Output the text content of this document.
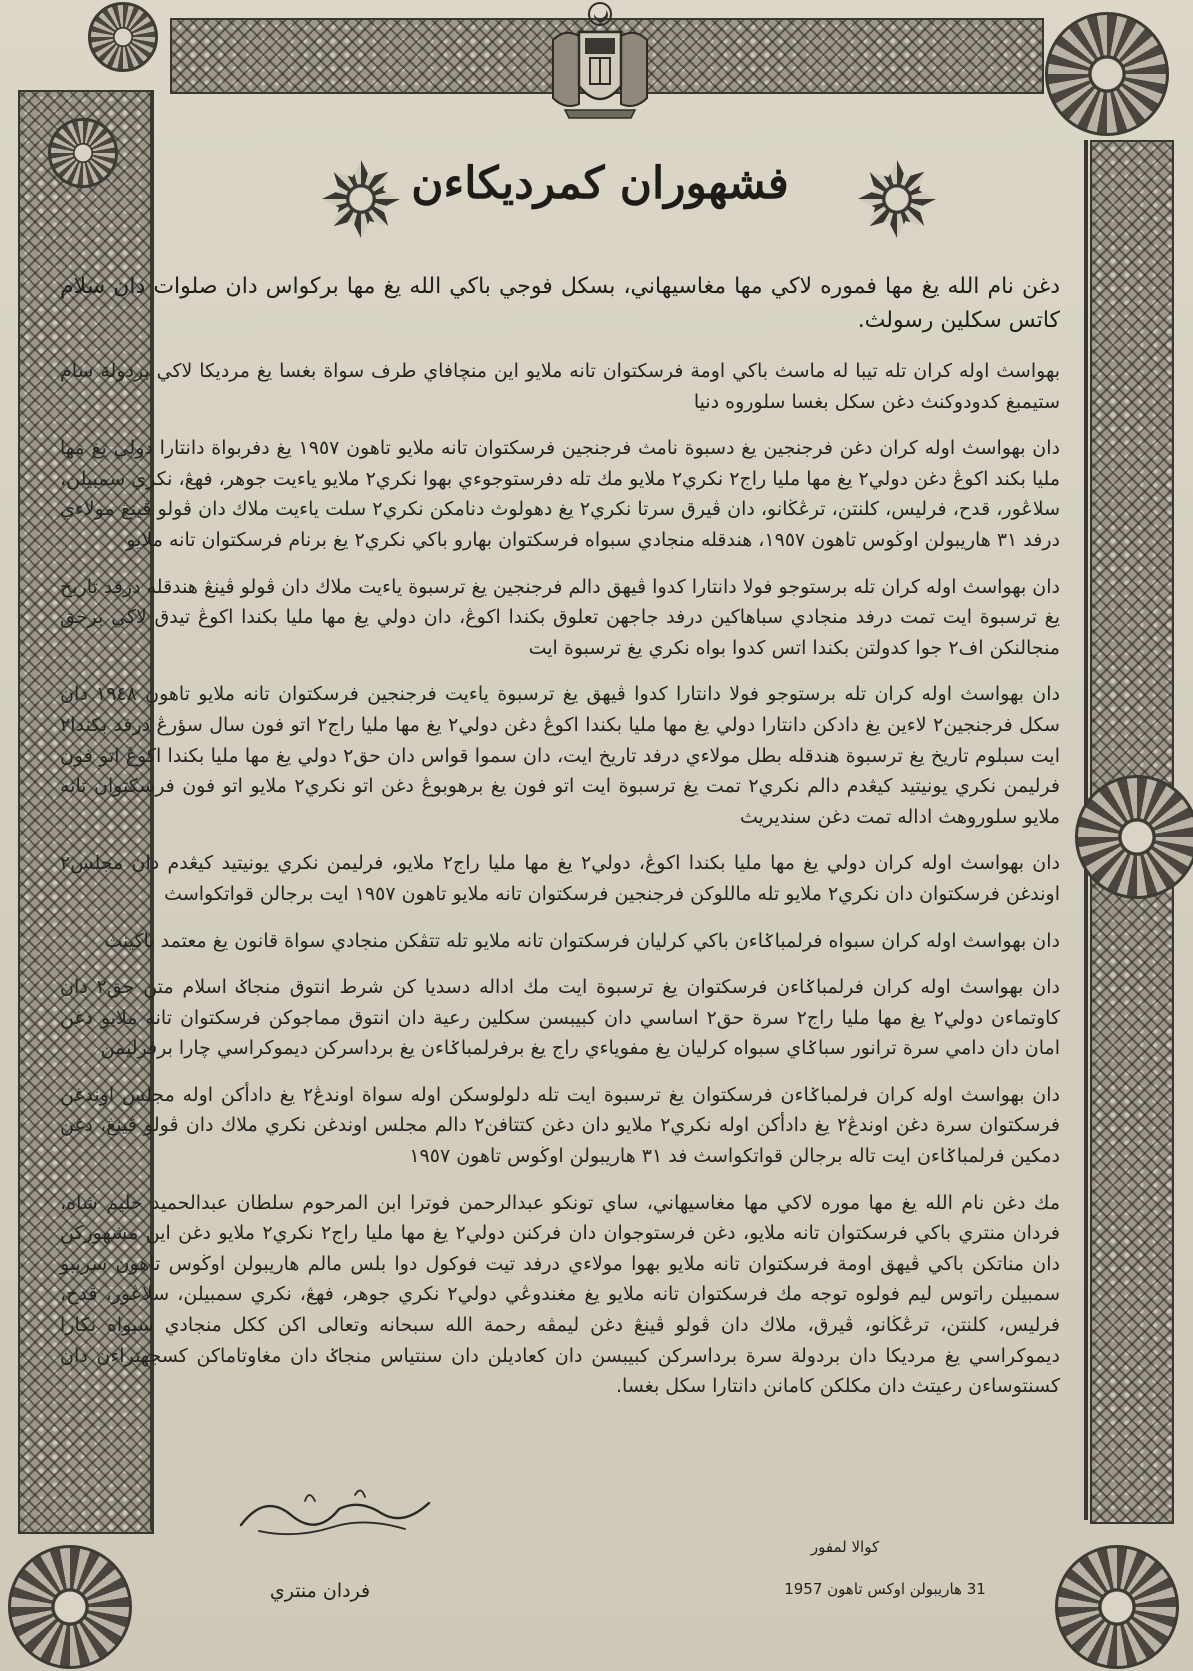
فشهوران كمرديكاءن

دغن نام الله يغ مها فموره لاكي مها مغاسيهاني، بسكل فوجي باكي الله يغ مها بركواس دان صلوات دان سلام كاتس سكلين رسولث.

بهواسث اوله كران تله تيبا له ماسث باكي اومة فرسكتوان تانه ملايو اين منچافاي طرف سواة بغسا يغ مرديكا لاكي بردولة سام ستيمبغ كدودوكنث دغن سكل بغسا سلوروه دنيا

دان بهواسث اوله كران دغن فرجنجين يغ دسبوة نامث فرجنجين فرسكتوان تانه ملايو تاهون ١٩٥٧ يغ دفربواة دانتارا دولي يغ مها مليا بكند اكوڠ دغن دولي٢ يغ مها مليا راج٢ نكري٢ ملايو مك تله دفرستوجوءي بهوا نكري٢ ملايو ياءيت جوهر، فهڠ، نكري سمبيلن، سلاڠور، قدح، فرليس، كلنتن، ترڠڬانو، دان ڤيرق سرتا نكري٢ يغ دهولوث دنامكن نكري٢ سلت ياءيت ملاك دان ڤولو ڤينڠ مولاءي درفد ٣١ هاريبولن اوڬوس تاهون ١٩٥٧، هندقله منجادي سبواه فرسكتوان بهارو باكي نكري٢ يغ برنام فرسكتوان تانه ملايو

دان بهواسث اوله كران تله برستوجو فولا دانتارا كدوا ڤيهق دالم فرجنجين يغ ترسبوة ياءيت ملاك دان ڤولو ڤينڠ هندقله درفد تاريخ يغ ترسبوة ايت تمت درفد منجادي سباهاكين درفد جاجهن تعلوق بكندا اكوڠ، دان دولي يغ مها مليا بكندا اكوڠ تيدق لاكي برحق منجالنكن اف٢ جوا كدولتن بكندا اتس كدوا بواه نكري يغ ترسبوة ايت

دان بهواسث اوله كران تله برستوجو فولا دانتارا كدوا ڤيهق يغ ترسبوة ياءيت فرجنجين فرسكتوان تانه ملايو تاهون ١٩٤٨ دان سكل فرجنجين٢ لاءين يغ دادكن دانتارا دولي يغ مها مليا بكندا اكوڠ دغن دولي٢ يغ مها مليا راج٢ اتو فون سال سؤرڠ درفد بكندا٢ ايت سبلوم تاريخ يغ ترسبوة هندقله بطل مولاءي درفد تاريخ ايت، دان سموا قواس دان حق٢ دولي يغ مها مليا بكندا اكوڠ اتو فون فرليمن نكري يونيتيد كيڠدم دالم نكري٢ تمت يغ ترسبوة ايت اتو فون يغ برهوبوڠ دغن اتو نكري٢ ملايو اتو فون فرسكتوان تانه ملايو سلوروهث اداله تمت دغن سنديريث

دان بهواسث اوله كران دولي يغ مها مليا بكندا اكوڠ، دولي٢ يغ مها مليا راج٢ ملايو، فرليمن نكري يونيتيد كيڠدم دان مجلس٢ اوندغن فرسكتوان دان نكري٢ ملايو تله ماللوكن فرجنجين فرسكتوان تانه ملايو تاهون ١٩٥٧ ايت برجالن قواتكواسث

دان بهواسث اوله كران سبواه فرلمباݢاءن باكي كرليان فرسكتوان تانه ملايو تله تتڤكن منجادي سواة قانون يغ معتمد باكينث

دان بهواسث اوله كران فرلمباݢاءن فرسكتوان يغ ترسبوة ايت مك اداله دسديا كن شرط انتوق منجاݢ اسلام متن حق٢ دان كاوتماءن دولي٢ يغ مها مليا راج٢ سرة حق٢ اساسي دان كبيبسن سكلين رعية دان انتوق مماجوكن فرسكتوان تانه ملايو دغن امان دان دامي سرة ترانور سباݢاي سبواه كرليان يغ مفوياءي راج يغ برفرلمباݢاءن يغ برداسركن ديموكراسي چارا برفرليمن

دان بهواسث اوله كران فرلمباݢاءن فرسكتوان يغ ترسبوة ايت تله دلولوسكن اوله سواة اوندڠ٢ يغ دادأكن اوله مجلس اوندغن فرسكتوان سرة دغن اوندڠ٢ يغ دادأكن اوله نكري٢ ملايو دان دغن كتتافن٢ دالم مجلس اوندغن نكري ملاك دان ڤولو ڤينڠ، دغن دمكين فرلمباݢاءن ايت تاله برجالن قواتكواسث فد ٣١ هاريبولن اوڬوس تاهون ١٩٥٧

مك دغن نام الله يغ مها موره لاكي مها مغاسيهاني، ساي تونكو عبدالرحمن فوترا ابن المرحوم سلطان عبدالحميد حليم شاه، فردان منتري باكي فرسكتوان تانه ملايو، دغن فرستوجوان دان فركنن دولي٢ يغ مها مليا راج٢ نكري٢ ملايو دغن اين مشهوركن دان مناتكن باكي ڤيهق اومة فرسكتوان تانه ملايو بهوا مولاءي درفد تيت فوكول دوا بلس مالم هاريبولن اوڬوس تاهون سريبو سمبيلن راتوس ليم فولوه توجه مك فرسكتوان تانه ملايو يغ مغندوڠي دولي٢ نكري جوهر، فهڠ، نكري سمبيلن، سلاڠور، قدح، فرليس، كلنتن، ترڠڬانو، ڤيرق، ملاك دان ڤولو ڤينڠ دغن ليمڤه رحمة الله سبحانه وتعالى اكن ككل منجادي سبواه نكارا ديموكراسي يغ مرديكا دان بردولة سرة برداسركن كبيبسن دان كعاديلن دان سنتياس منجاݢ دان مغاوتاماكن كسجهتراءن دان كسنتوساءن رعيتث دان مكلكن كامانن دانتارا سكل بغسا.

فردان منتري
كوالا لمفور
31 هاريبولن اوكس تاهون 1957
